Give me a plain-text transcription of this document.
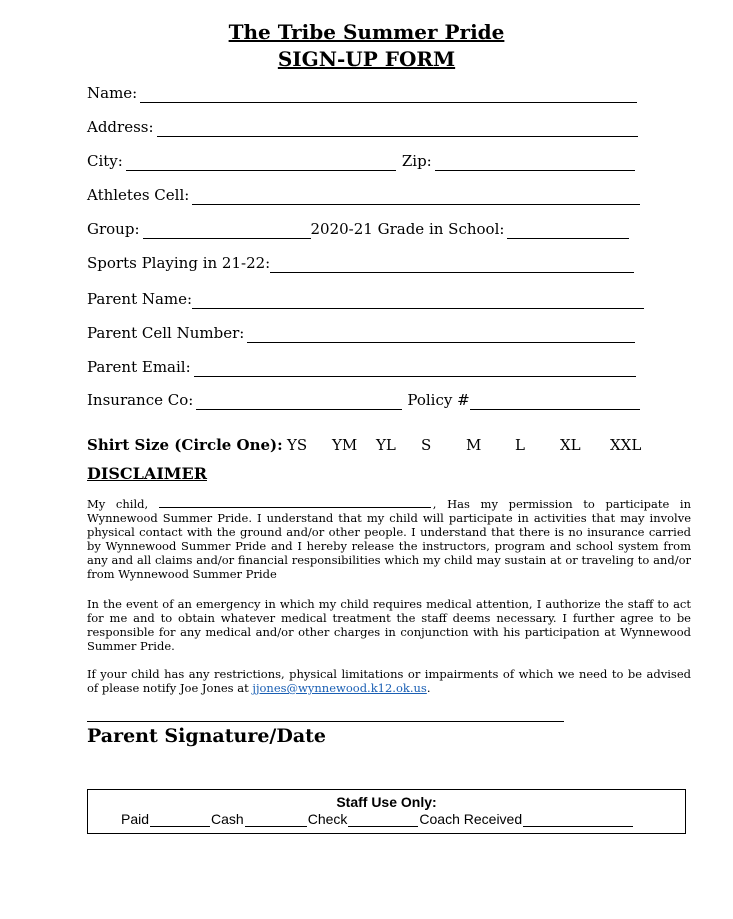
The Tribe Summer Pride
SIGN-UP FORM
Name:
Address:
City:	Zip:
Athletes Cell:
Group:	2020-21 Grade in School:
Sports Playing in 21-22:
Parent Name:
Parent Cell Number:
Parent Email:
Insurance Co:	Policy #
Shirt Size (Circle One): YS YM YL S M L XL XXL
DISCLAIMER
My child,	, Has my permission to participate in Wynnewood Summer Pride. I understand that my child will participate in activities that may involve physical contact with the ground and/or other people. I understand that there is no insurance carried by Wynnewood Summer Pride and I hereby release the instructors, program and school system from any and all claims and/or financial responsibilities which my child may sustain at or traveling to and/or from Wynnewood Summer Pride
In the event of an emergency in which my child requires medical attention, I authorize the staff to act for me and to obtain whatever medical treatment the staff deems necessary. I further agree to be responsible for any medical and/or other charges in conjunction with his participation at Wynnewood Summer Pride.
If your child has any restrictions, physical limitations or impairments of which we need to be advised of please notify Joe Jones at jjones@wynnewood.k12.ok.us.
Parent Signature/Date
Staff Use Only:
Paid	Cash	Check	Coach Received
